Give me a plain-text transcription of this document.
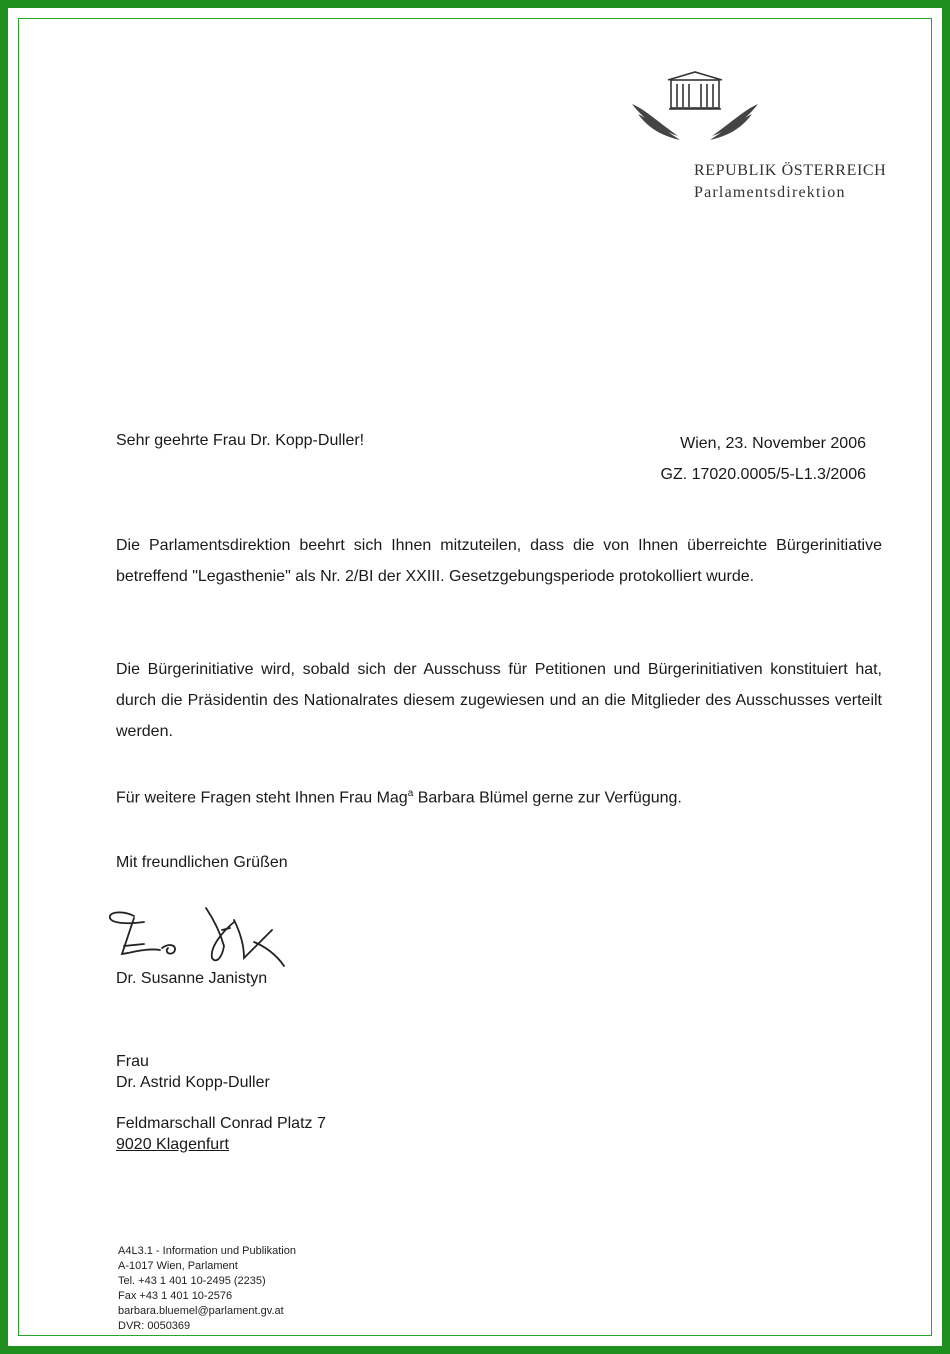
REPUBLIK ÖSTERREICH
Parlamentsdirektion
Sehr geehrte Frau Dr. Kopp-Duller!	Wien, 23. November 2006
GZ. 17020.0005/5-L1.3/2006

Die Parlamentsdirektion beehrt sich Ihnen mitzuteilen, dass die von Ihnen überreichte Bürgerinitiative betreffend "Legasthenie" als Nr. 2/BI der XXIII. Gesetzgebungsperiode protokolliert wurde.

Die Bürgerinitiative wird, sobald sich der Ausschuss für Petitionen und Bürgerinitiativen konstituiert hat, durch die Präsidentin des Nationalrates diesem zugewiesen und an die Mitglieder des Ausschusses verteilt werden.

Für weitere Fragen steht Ihnen Frau Mag$^a$ Barbara Blümel gerne zur Verfügung.

Mit freundlichen Grüßen
Dr. Susanne Janistyn
Frau
Dr. Astrid Kopp-Duller
Feldmarschall Conrad Platz 7
9020 Klagenfurt
A4L3.1 - Information und Publikation
A-1017 Wien, Parlament
Tel. +43 1 401 10-2495 (2235)
Fax +43 1 401 10-2576
barbara.bluemel@parlament.gv.at
DVR: 0050369
